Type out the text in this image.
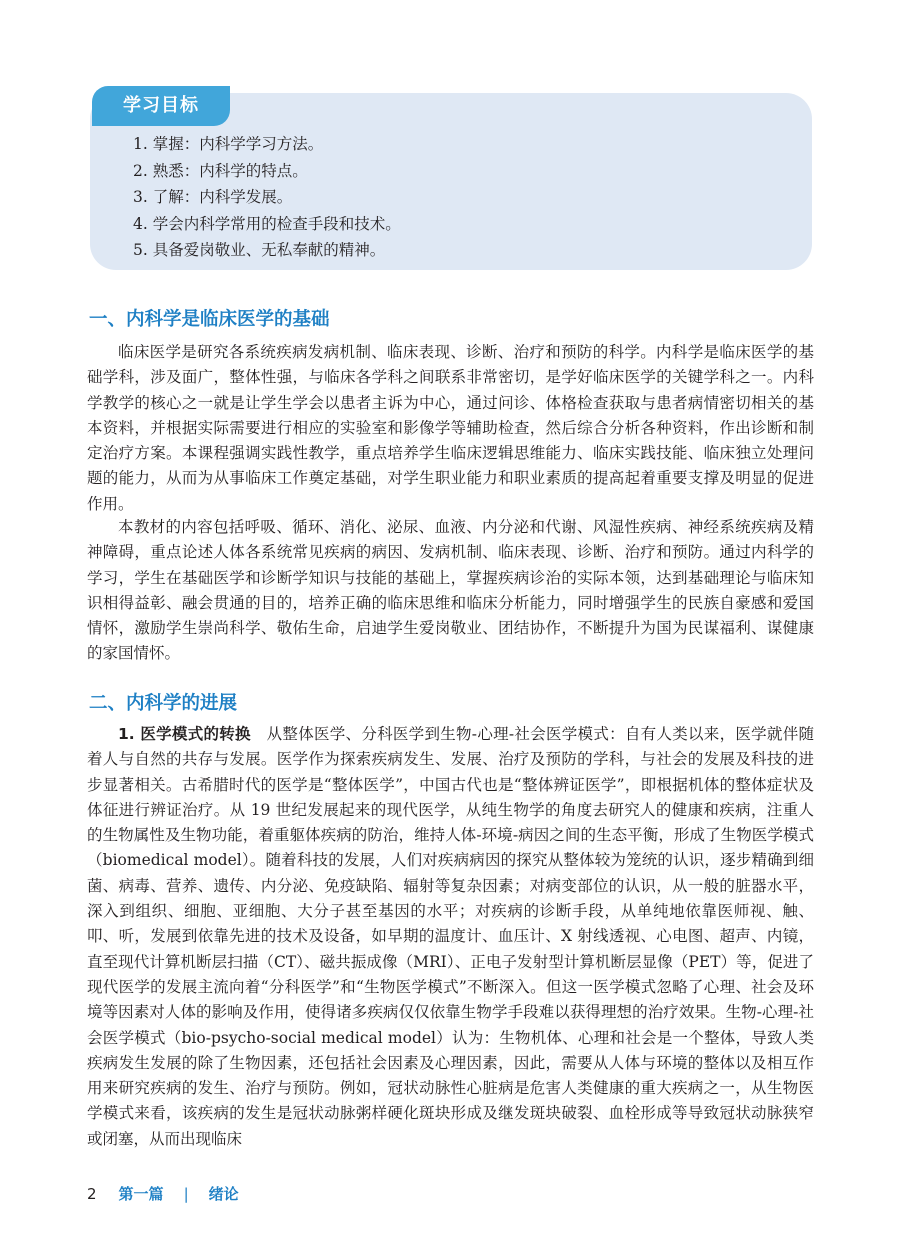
学习目标
1. 掌握：内科学学习方法。
2. 熟悉：内科学的特点。
3. 了解：内科学发展。
4. 学会内科学常用的检查手段和技术。
5. 具备爱岗敬业、无私奉献的精神。
一、内科学是临床医学的基础

临床医学是研究各系统疾病发病机制、临床表现、诊断、治疗和预防的科学。内科学是临床医学的基础学科，涉及面广，整体性强，与临床各学科之间联系非常密切，是学好临床医学的关键学科之一。内科学教学的核心之一就是让学生学会以患者主诉为中心，通过问诊、体格检查获取与患者病情密切相关的基本资料，并根据实际需要进行相应的实验室和影像学等辅助检查，然后综合分析各种资料，作出诊断和制定治疗方案。本课程强调实践性教学，重点培养学生临床逻辑思维能力、临床实践技能、临床独立处理问题的能力，从而为从事临床工作奠定基础，对学生职业能力和职业素质的提高起着重要支撑及明显的促进作用。

本教材的内容包括呼吸、循环、消化、泌尿、血液、内分泌和代谢、风湿性疾病、神经系统疾病及精神障碍，重点论述人体各系统常见疾病的病因、发病机制、临床表现、诊断、治疗和预防。通过内科学的学习，学生在基础医学和诊断学知识与技能的基础上，掌握疾病诊治的实际本领，达到基础理论与临床知识相得益彰、融会贯通的目的，培养正确的临床思维和临床分析能力，同时增强学生的民族自豪感和爱国情怀，激励学生崇尚科学、敬佑生命，启迪学生爱岗敬业、团结协作，不断提升为国为民谋福利、谋健康的家国情怀。

二、内科学的进展

1. 医学模式的转换  从整体医学、分科医学到生物-心理-社会医学模式：自有人类以来，医学就伴随着人与自然的共存与发展。医学作为探索疾病发生、发展、治疗及预防的学科，与社会的发展及科技的进步显著相关。古希腊时代的医学是“整体医学”，中国古代也是“整体辨证医学”，即根据机体的整体症状及体征进行辨证治疗。从 19 世纪发展起来的现代医学，从纯生物学的角度去研究人的健康和疾病，注重人的生物属性及生物功能，着重躯体疾病的防治，维持人体-环境-病因之间的生态平衡，形成了生物医学模式（biomedical model）。随着科技的发展，人们对疾病病因的探究从整体较为笼统的认识，逐步精确到细菌、病毒、营养、遗传、内分泌、免疫缺陷、辐射等复杂因素；对病变部位的认识，从一般的脏器水平，深入到组织、细胞、亚细胞、大分子甚至基因的水平；对疾病的诊断手段，从单纯地依靠医师视、触、叩、听，发展到依靠先进的技术及设备，如早期的温度计、血压计、X 射线透视、心电图、超声、内镜，直至现代计算机断层扫描（CT）、磁共振成像（MRI）、正电子发射型计算机断层显像（PET）等，促进了现代医学的发展主流向着“分科医学”和“生物医学模式”不断深入。但这一医学模式忽略了心理、社会及环境等因素对人体的影响及作用，使得诸多疾病仅仅依靠生物学手段难以获得理想的治疗效果。生物-心理-社会医学模式（bio-psycho-social medical model）认为：生物机体、心理和社会是一个整体，导致人类疾病发生发展的除了生物因素，还包括社会因素及心理因素，因此，需要从人体与环境的整体以及相互作用来研究疾病的发生、治疗与预防。例如，冠状动脉性心脏病是危害人类健康的重大疾病之一，从生物医学模式来看，该疾病的发生是冠状动脉粥样硬化斑块形成及继发斑块破裂、血栓形成等导致冠状动脉狭窄或闭塞，从而出现临床

2 第一篇 | 绪论
